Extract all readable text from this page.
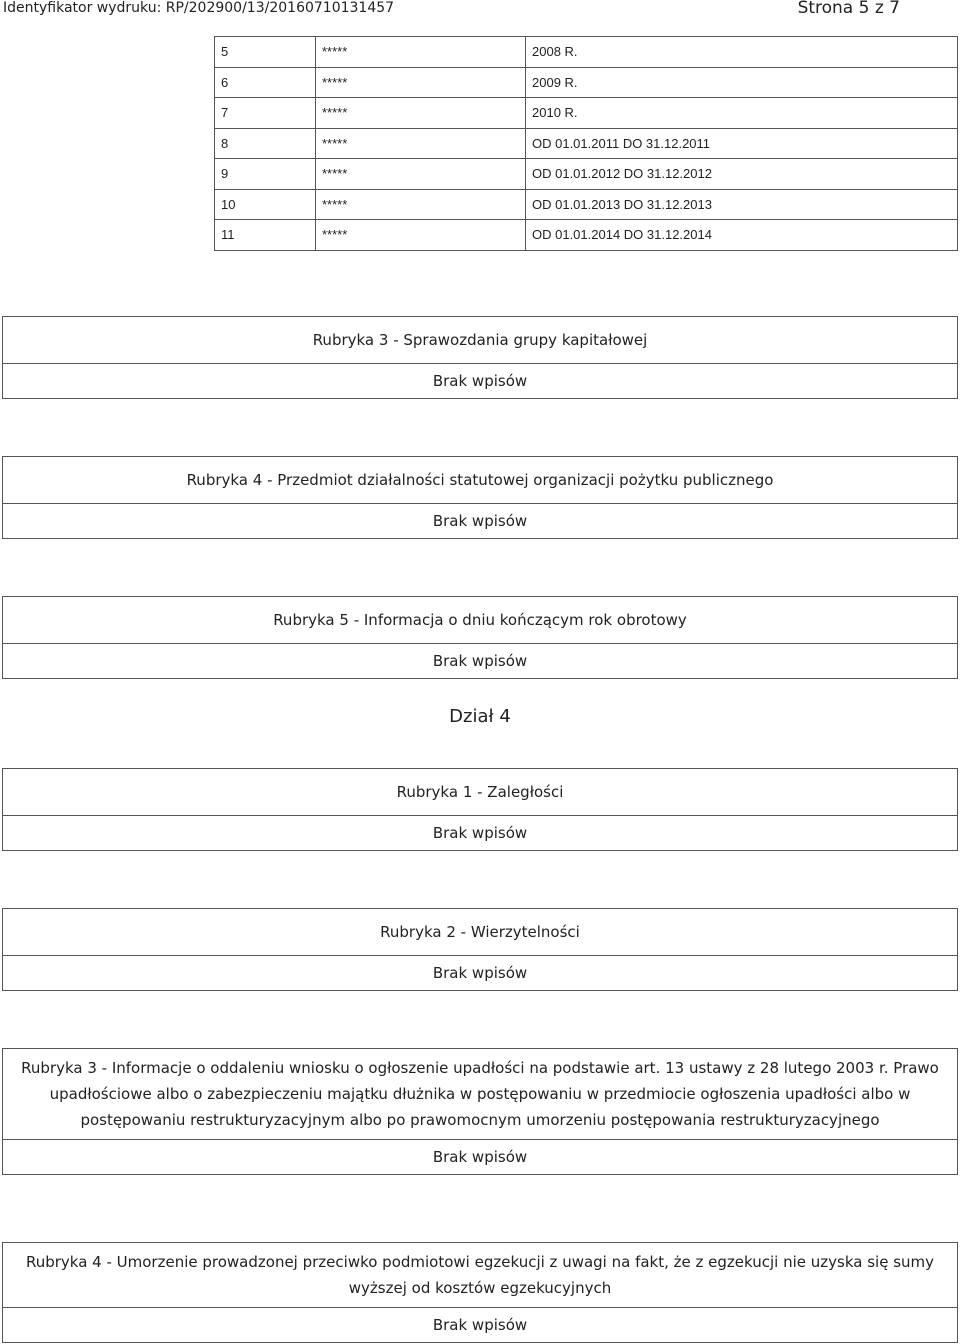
Identyfikator wydruku: RP/202900/13/20160710131457	Strona 5 z 7
5	*****	2008 R.
6	*****	2009 R.
7	*****	2010 R.
8	*****	OD 01.01.2011 DO 31.12.2011
9	*****	OD 01.01.2012 DO 31.12.2012
10	*****	OD 01.01.2013 DO 31.12.2013
11	*****	OD 01.01.2014 DO 31.12.2014
Rubryka 3 - Sprawozdania grupy kapitałowej
Brak wpisów
Rubryka 4 - Przedmiot działalności statutowej organizacji pożytku publicznego
Brak wpisów
Rubryka 5 - Informacja o dniu kończącym rok obrotowy
Brak wpisów
Dział 4
Rubryka 1 - Zaległości
Brak wpisów
Rubryka 2 - Wierzytelności
Brak wpisów
Rubryka 3 - Informacje o oddaleniu wniosku o ogłoszenie upadłości na podstawie art. 13 ustawy z 28 lutego 2003 r. Prawo upadłościowe albo o zabezpieczeniu majątku dłużnika w postępowaniu w przedmiocie ogłoszenia upadłości albo w postępowaniu restrukturyzacyjnym albo po prawomocnym umorzeniu postępowania restrukturyzacyjnego
Brak wpisów
Rubryka 4 - Umorzenie prowadzonej przeciwko podmiotowi egzekucji z uwagi na fakt, że z egzekucji nie uzyska się sumy wyższej od kosztów egzekucyjnych
Brak wpisów
